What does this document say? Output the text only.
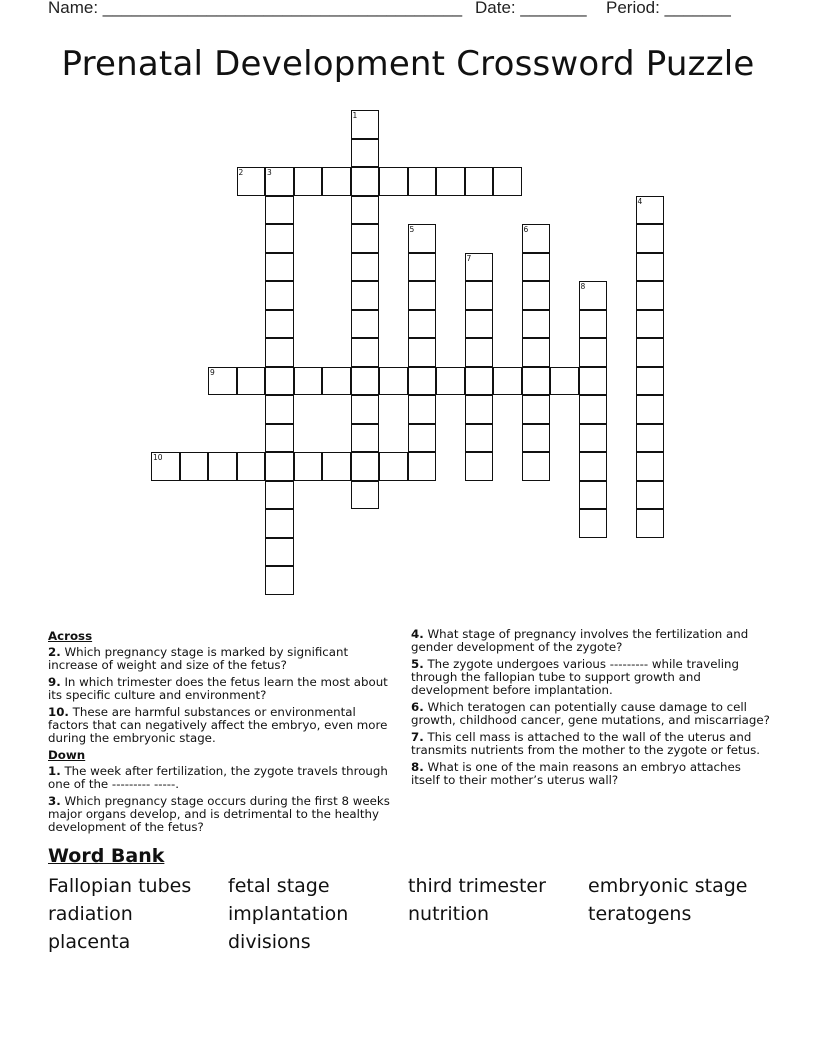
Name: ______________________________________ Date: _______ Period: _______
Prenatal Development Crossword Puzzle
1
2	3
4
5	6
7
8
9
10
Across
2. Which pregnancy stage is marked by significant increase of weight and size of the fetus?
9. In which trimester does the fetus learn the most about its specific culture and environment?
10. These are harmful substances or environmental factors that can negatively affect the embryo, even more during the embryonic stage.
Down
1. The week after fertilization, the zygote travels through one of the --------- -----.
3. Which pregnancy stage occurs during the first 8 weeks major organs develop, and is detrimental to the healthy development of the fetus?
4. What stage of pregnancy involves the fertilization and gender development of the zygote?
5. The zygote undergoes various --------- while traveling through the fallopian tube to support growth and development before implantation.
6. Which teratogen can potentially cause damage to cell growth, childhood cancer, gene mutations, and miscarriage?
7. This cell mass is attached to the wall of the uterus and transmits nutrients from the mother to the zygote or fetus.
8. What is one of the main reasons an embryo attaches itself to their mother’s uterus wall?
Word Bank
Fallopian tubes fetal stage	third trimester embryonic stage
radiation	implantation	nutrition	teratogens
placenta	divisions
